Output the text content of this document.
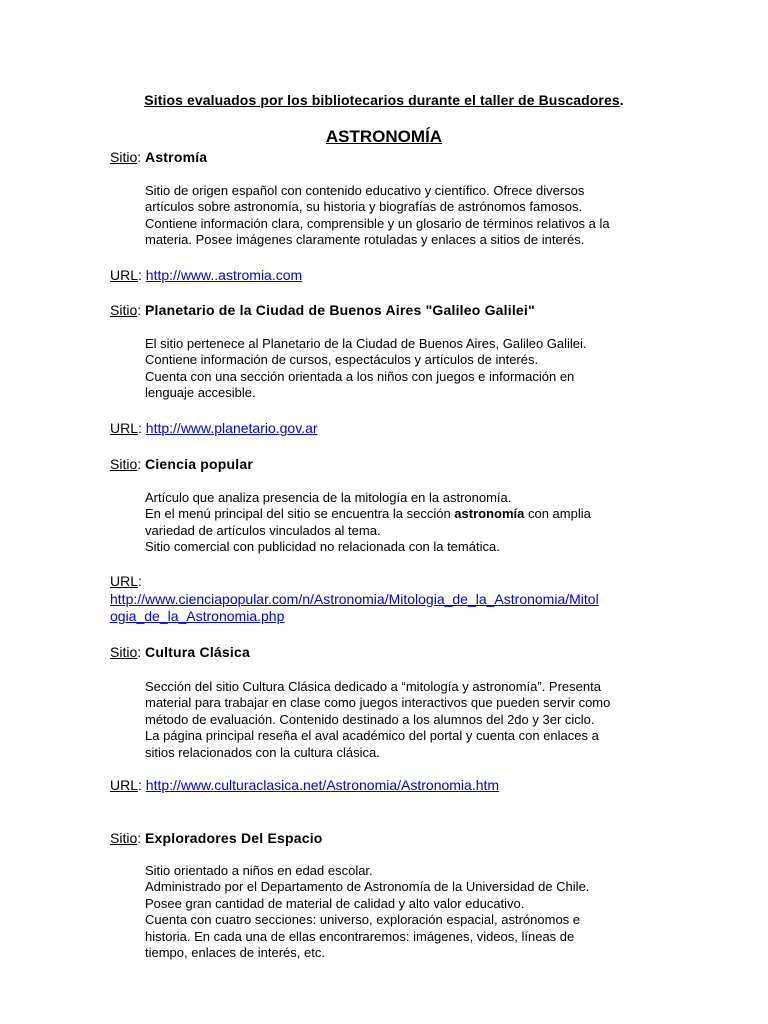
Sitios evaluados por los bibliotecarios durante el taller de Buscadores.
ASTRONOMÍA
Sitio: Astromía
Sitio de origen español con contenido educativo y científico. Ofrece diversos
artículos sobre astronomía, su historia y biografías de astrónomos famosos.
Contiene información clara, comprensible y un glosario de términos relativos a la
materia. Posee imágenes claramente rotuladas y enlaces a sitios de interés.
URL: http://www..astromia.com
Sitio: Planetario de la Ciudad de Buenos Aires "Galileo Galilei"
El sitio pertenece al Planetario de la Ciudad de Buenos Aires, Galileo Galilei.
Contiene información de cursos, espectáculos y artículos de interés.
Cuenta con una sección orientada a los niños con juegos e información en
lenguaje accesible.
URL: http://www.planetario.gov.ar
Sitio: Ciencia popular
Artículo que analiza presencia de la mitología en la astronomía.
En el menú principal del sitio se encuentra la sección astronomía con amplia
variedad de artículos vinculados al tema.
Sitio comercial con publicidad no relacionada con la temática.
URL:
http://www.cienciapopular.com/n/Astronomia/Mitologia_de_la_Astronomia/Mitol
ogia_de_la_Astronomia.php
Sitio: Cultura Clásica
Sección del sitio Cultura Clásica dedicado a “mitología y astronomía”. Presenta
material para trabajar en clase como juegos interactivos que pueden servir como
método de evaluación. Contenido destinado a los alumnos del 2do y 3er ciclo.
La página principal reseña el aval académico del portal y cuenta con enlaces a
sitios relacionados con la cultura clásica.
URL: http://www.culturaclasica.net/Astronomia/Astronomia.htm
Sitio: Exploradores Del Espacio
Sitio orientado a niños en edad escolar.
Administrado por el Departamento de Astronomía de la Universidad de Chile.
Posee gran cantidad de material de calidad y alto valor educativo.
Cuenta con cuatro secciones: universo, exploración espacial, astrónomos e
historia. En cada una de ellas encontraremos: imágenes, videos, líneas de
tiempo, enlaces de interés, etc.
